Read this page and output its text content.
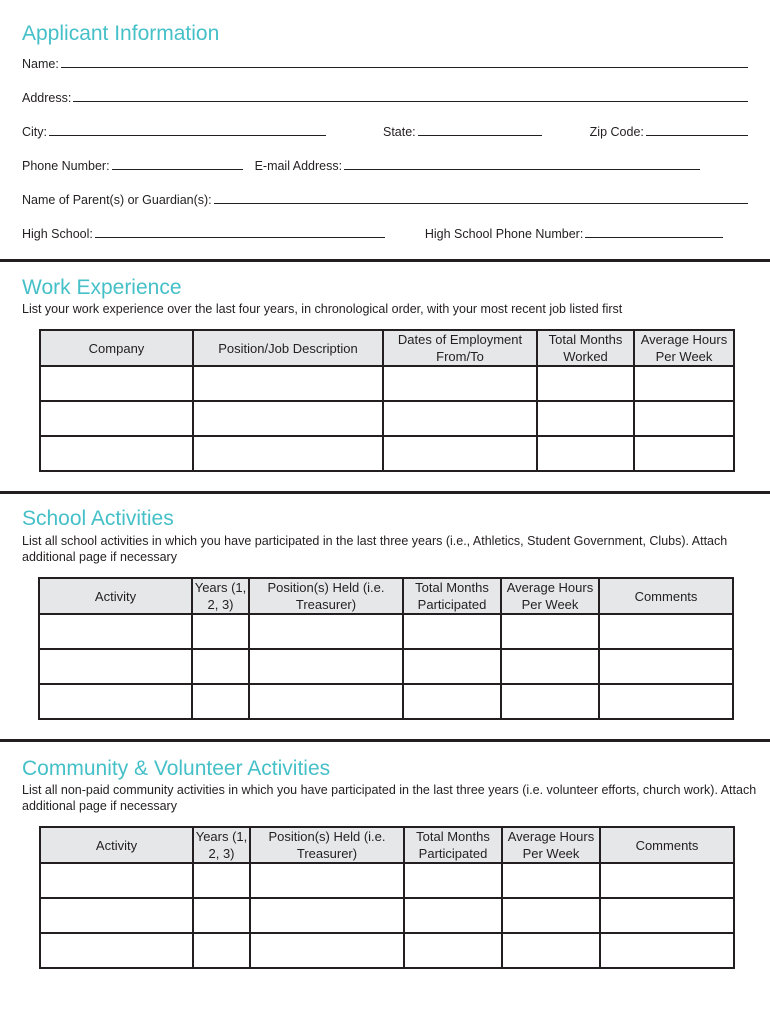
Applicant Information
Name:
Address:
City:	State:	Zip Code:
Phone Number:	E-mail Address:
Name of Parent(s) or Guardian(s):
High School:	High School Phone Number:
Work Experience

List your work experience over the last four years, in chronological order, with your most recent job listed first

Company	Position/Job Description	Dates of Employment From/To	Total Months Worked	Average Hours Per Week

School Activities

List all school activities in which you have participated in the last three years (i.e., Athletics, Student Government, Clubs). Attach additional page if necessary

Activity	Years (1, 2, 3)	Position(s) Held (i.e. Treasurer)	Total Months Participated	Average Hours Per Week	Comments

Community & Volunteer Activities

List all non-paid community activities in which you have participated in the last three years (i.e. volunteer efforts, church work). Attach additional page if necessary

Activity	Years (1, 2, 3)	Position(s) Held (i.e. Treasurer)	Total Months Participated	Average Hours Per Week	Comments
